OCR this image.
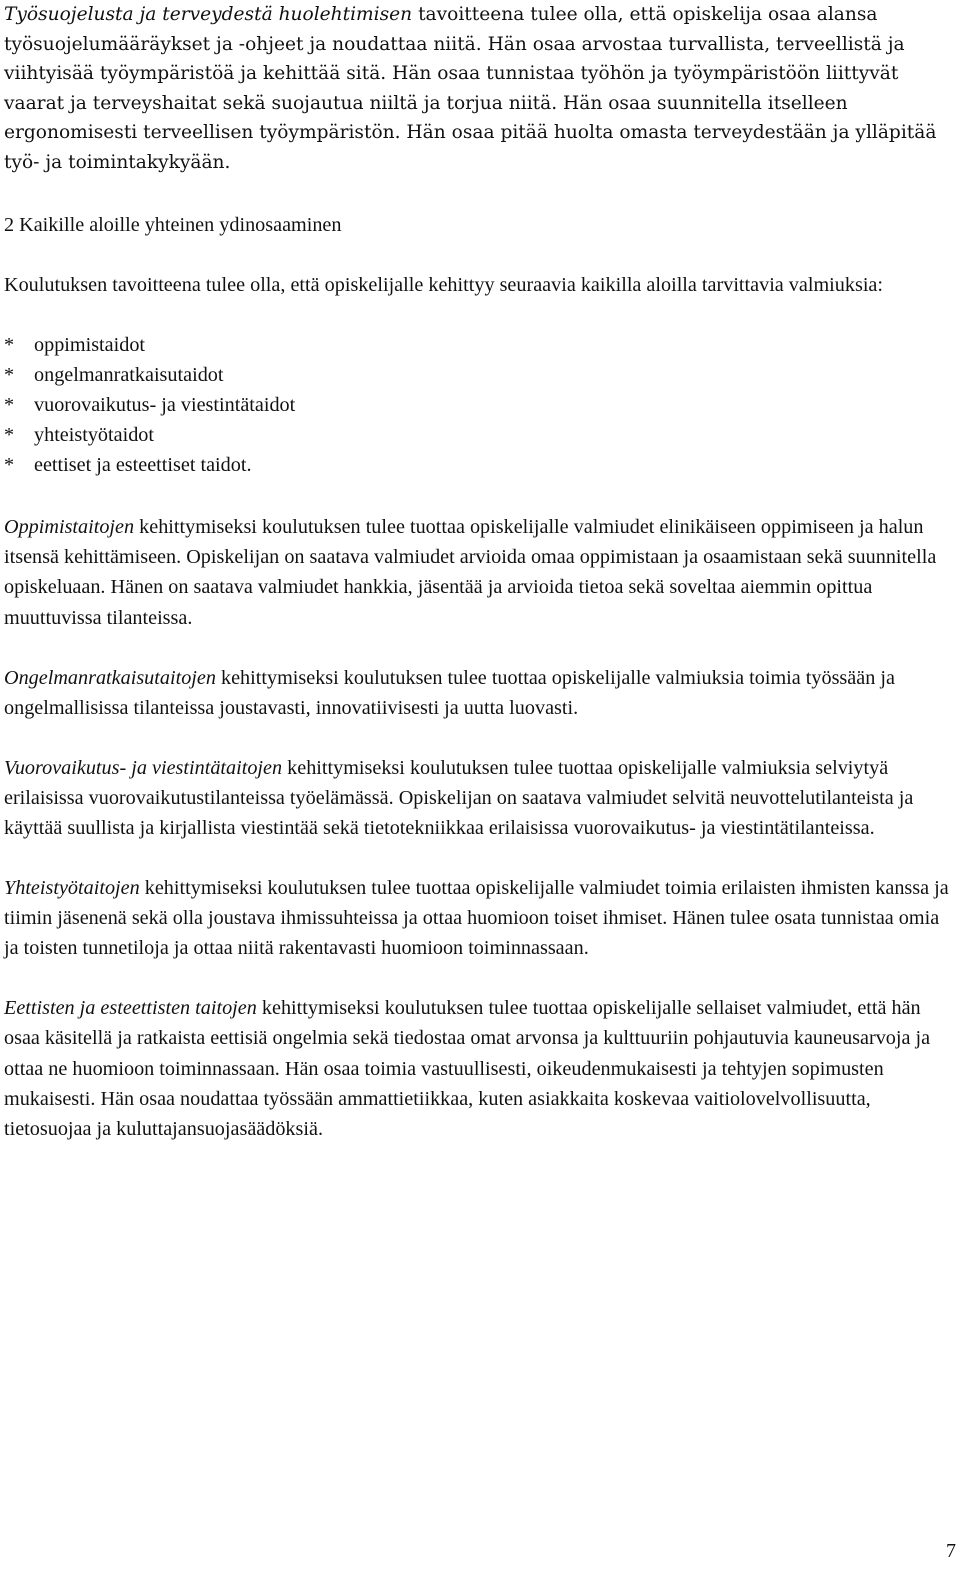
Työsuojelusta ja terveydestä huolehtimisen tavoitteena tulee olla, että opiskelija osaa alansa työsuojelumääräykset ja -ohjeet ja noudattaa niitä. Hän osaa arvostaa turvallista, terveellistä ja viihtyisää työympäristöä ja kehittää sitä. Hän osaa tunnistaa työhön ja työympäristöön liittyvät vaarat ja terveyshaitat sekä suojautua niiltä ja torjua niitä. Hän osaa suunnitella itselleen ergonomisesti terveellisen työympäristön. Hän osaa pitää huolta omasta terveydestään ja ylläpitää työ- ja toimintakykyään.

2 Kaikille aloille yhteinen ydinosaaminen

Koulutuksen tavoitteena tulee olla, että opiskelijalle kehittyy seuraavia kaikilla aloilla tarvittavia valmiuksia:

* oppimistaidot
* ongelmanratkaisutaidot
* vuorovaikutus- ja viestintätaidot
* yhteistyötaidot
* eettiset ja esteettiset taidot.

Oppimistaitojen kehittymiseksi koulutuksen tulee tuottaa opiskelijalle valmiudet elinikäiseen oppimiseen ja halun itsensä kehittämiseen. Opiskelijan on saatava valmiudet arvioida omaa oppimistaan ja osaamistaan sekä suunnitella opiskeluaan. Hänen on saatava valmiudet hankkia, jäsentää ja arvioida tietoa sekä soveltaa aiemmin opittua muuttuvissa tilanteissa.

Ongelmanratkaisutaitojen kehittymiseksi koulutuksen tulee tuottaa opiskelijalle valmiuksia toimia työssään ja ongelmallisissa tilanteissa joustavasti, innovatiivisesti ja uutta luovasti.

Vuorovaikutus- ja viestintätaitojen kehittymiseksi koulutuksen tulee tuottaa opiskelijalle valmiuksia selviytyä erilaisissa vuorovaikutustilanteissa työelämässä. Opiskelijan on saatava valmiudet selvitä neuvottelutilanteista ja käyttää suullista ja kirjallista viestintää sekä tietotekniikkaa erilaisissa vuorovaikutus- ja viestintätilanteissa.

Yhteistyötaitojen kehittymiseksi koulutuksen tulee tuottaa opiskelijalle valmiudet toimia erilaisten ihmisten kanssa ja tiimin jäsenenä sekä olla joustava ihmissuhteissa ja ottaa huomioon toiset ihmiset. Hänen tulee osata tunnistaa omia ja toisten tunnetiloja ja ottaa niitä rakentavasti huomioon toiminnassaan.

Eettisten ja esteettisten taitojen kehittymiseksi koulutuksen tulee tuottaa opiskelijalle sellaiset valmiudet, että hän osaa käsitellä ja ratkaista eettisiä ongelmia sekä tiedostaa omat arvonsa ja kulttuuriin pohjautuvia kauneusarvoja ja ottaa ne huomioon toiminnassaan. Hän osaa toimia vastuullisesti, oikeudenmukaisesti ja tehtyjen sopimusten mukaisesti. Hän osaa noudattaa työssään ammattietiikkaa, kuten asiakkaita koskevaa vaitiolovelvollisuutta, tietosuojaa ja kuluttajansuojasäädöksiä.

7
